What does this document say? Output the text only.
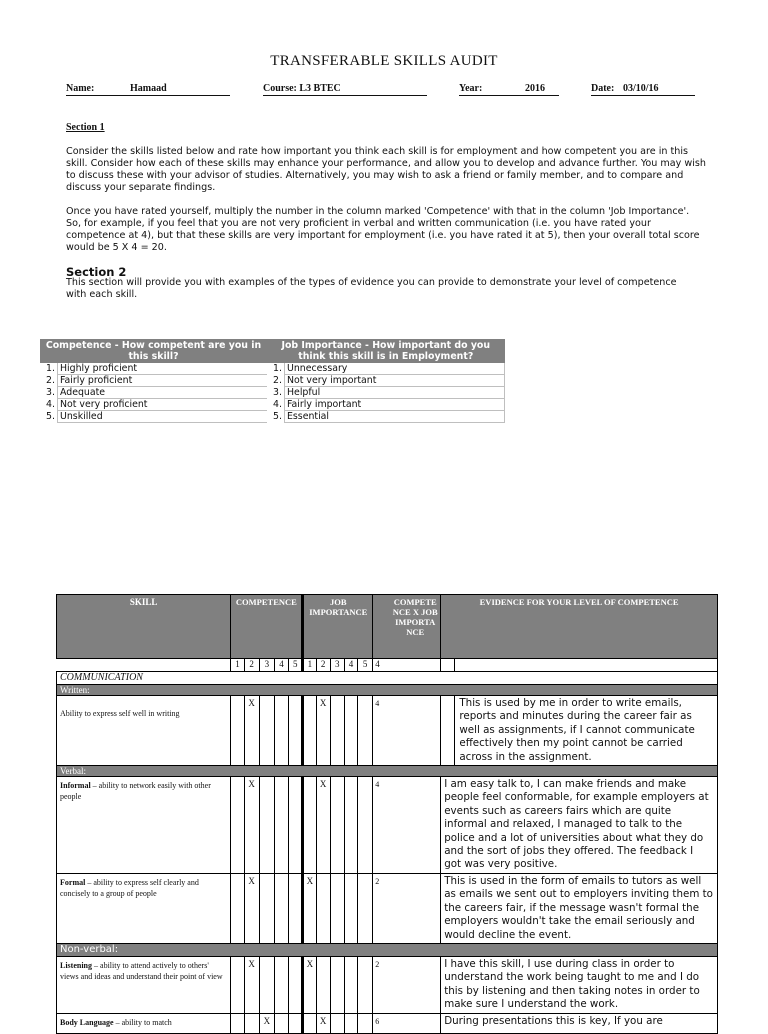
TRANSFERABLE SKILLS AUDIT
Name:	Hamaad	Course: L3 BTEC	Year:	2016	Date: 03/10/16
Section 1
Consider the skills listed below and rate how important you think each skill is for employment and how competent you are in this skill. Consider how each of these skills may enhance your performance, and allow you to develop and advance further. You may wish to discuss these with your advisor of studies. Alternatively, you may wish to ask a friend or family member, and to compare and discuss your separate findings.
Once you have rated yourself, multiply the number in the column marked 'Competence' with that in the column 'Job Importance'. So, for example, if you feel that you are not very proficient in verbal and written communication (i.e. you have rated your competence at 4), but that these skills are very important for employment (i.e. you have rated it at 5), then your overall total score would be 5 X 4 = 20.
Section 2
This section will provide you with examples of the types of evidence you can provide to demonstrate your level of competence with each skill.
Competence - How competent are you in this skill?		Job Importance - How important do you think this skill is in Employment?	
1.	Highly proficient	1.	Unnecessary
2.	Fairly proficient	2.	Not very important
3.	Adequate	3.	Helpful
4.	Not very proficient	4.	Fairly important
5.	Unskilled	5.	Essential
SKILL	COMPETENCE					JOB IMPORTANCE					COMPETE NCE X JOB IMPORTA NCE	EVIDENCE FOR YOUR LEVEL OF COMPETENCE	
	1	2	3	4	5	1	2	3	4	5	4		
COMMUNICATION													
Written:													
Ability to express self well in writing		X					X				4		This is used by me in order to write emails, reports and minutes during the career fair as well as assignments, if I cannot communicate effectively then my point cannot be carried across in the assignment.
Verbal:													
Informal – ability to network easily with other people		X					X				4	I am easy talk to, I can make friends and make people feel conformable, for example employers at events such as careers fairs which are quite informal and relaxed, I managed to talk to the police and a lot of universities about what they do and the sort of jobs they offered. The feedback I got was very positive.	
Formal – ability to express self clearly and concisely to a group of people		X				X					2	This is used in the form of emails to tutors as well as emails we sent out to employers inviting them to the careers fair, if the message wasn't formal the employers wouldn't take the email seriously and would decline the event.	
Non-verbal:													
Listening – ability to attend actively to others' views and ideas and understand their point of view		X				X					2	I have this skill, I use during class in order to understand the work being taught to me and I do this by listening and then taking notes in order to make sure I understand the work.	
Body Language – ability to match			X				X				6	During presentations this is key, If you are	
